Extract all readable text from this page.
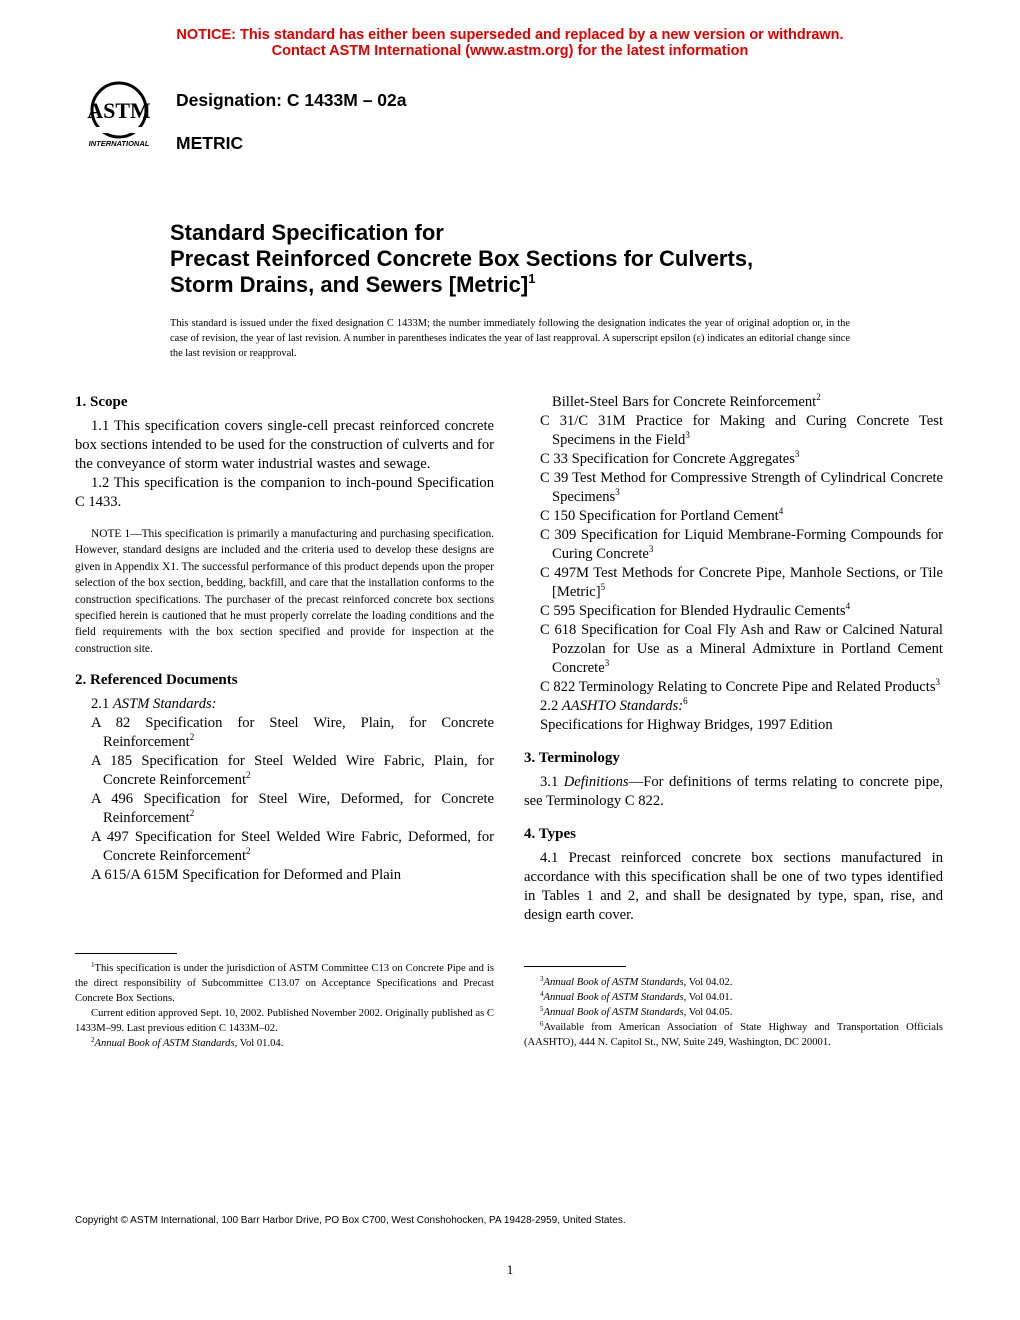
NOTICE: This standard has either been superseded and replaced by a new version or withdrawn.
Contact ASTM International (www.astm.org) for the latest information
ASTM
INTERNATIONAL
Designation: C 1433M – 02a
METRIC
Standard Specification for
Precast Reinforced Concrete Box Sections for Culverts,
Storm Drains, and Sewers [Metric]$^1$
This standard is issued under the fixed designation C 1433M; the number immediately following the designation indicates the year of original adoption or, in the case of revision, the year of last revision. A number in parentheses indicates the year of last reapproval. A superscript epsilon (ε) indicates an editorial change since the last revision or reapproval.

1. Scope

1.1 This specification covers single-cell precast reinforced concrete box sections intended to be used for the construction of culverts and for the conveyance of storm water industrial wastes and sewage.

1.2 This specification is the companion to inch-pound Specification C 1433.

NOTE 1—This specification is primarily a manufacturing and purchasing specification. However, standard designs are included and the criteria used to develop these designs are given in Appendix X1. The successful performance of this product depends upon the proper selection of the box section, bedding, backfill, and care that the installation conforms to the construction specifications. The purchaser of the precast reinforced concrete box sections specified herein is cautioned that he must properly correlate the loading conditions and the field requirements with the box section specified and provide for inspection at the construction site.

2. Referenced Documents

2.1 ASTM Standards:

A 82 Specification for Steel Wire, Plain, for Concrete Reinforcement$^2$

A 185 Specification for Steel Welded Wire Fabric, Plain, for Concrete Reinforcement$^2$

A 496 Specification for Steel Wire, Deformed, for Concrete Reinforcement$^2$

A 497 Specification for Steel Welded Wire Fabric, Deformed, for Concrete Reinforcement$^2$

A 615/A 615M Specification for Deformed and Plain

Billet-Steel Bars for Concrete Reinforcement$^2$

C 31/C 31M Practice for Making and Curing Concrete Test Specimens in the Field$^3$

C 33 Specification for Concrete Aggregates$^3$

C 39 Test Method for Compressive Strength of Cylindrical Concrete Specimens$^3$

C 150 Specification for Portland Cement$^4$

C 309 Specification for Liquid Membrane-Forming Compounds for Curing Concrete$^3$

C 497M Test Methods for Concrete Pipe, Manhole Sections, or Tile [Metric]$^5$

C 595 Specification for Blended Hydraulic Cements$^4$

C 618 Specification for Coal Fly Ash and Raw or Calcined Natural Pozzolan for Use as a Mineral Admixture in Portland Cement Concrete$^3$

C 822 Terminology Relating to Concrete Pipe and Related Products$^3$

2.2 AASHTO Standards:$^6$

Specifications for Highway Bridges, 1997 Edition

3. Terminology

3.1 Definitions—For definitions of terms relating to concrete pipe, see Terminology C 822.

4. Types

4.1 Precast reinforced concrete box sections manufactured in accordance with this specification shall be one of two types identified in Tables 1 and 2, and shall be designated by type, span, rise, and design earth cover.

$^1$This specification is under the jurisdiction of ASTM Committee C13 on Concrete Pipe and is the direct responsibility of Subcommittee C13.07 on Acceptance Specifications and Precast Concrete Box Sections.
Current edition approved Sept. 10, 2002. Published November 2002. Originally published as C 1433M–99. Last previous edition C 1433M–02.
$^2$Annual Book of ASTM Standards, Vol 01.04.
$^3$Annual Book of ASTM Standards, Vol 04.02.
$^4$Annual Book of ASTM Standards, Vol 04.01.
$^5$Annual Book of ASTM Standards, Vol 04.05.
$^6$Available from American Association of State Highway and Transportation Officials (AASHTO), 444 N. Capitol St., NW, Suite 249, Washington, DC 20001.
Copyright © ASTM International, 100 Barr Harbor Drive, PO Box C700, West Conshohocken, PA 19428-2959, United States.
1
